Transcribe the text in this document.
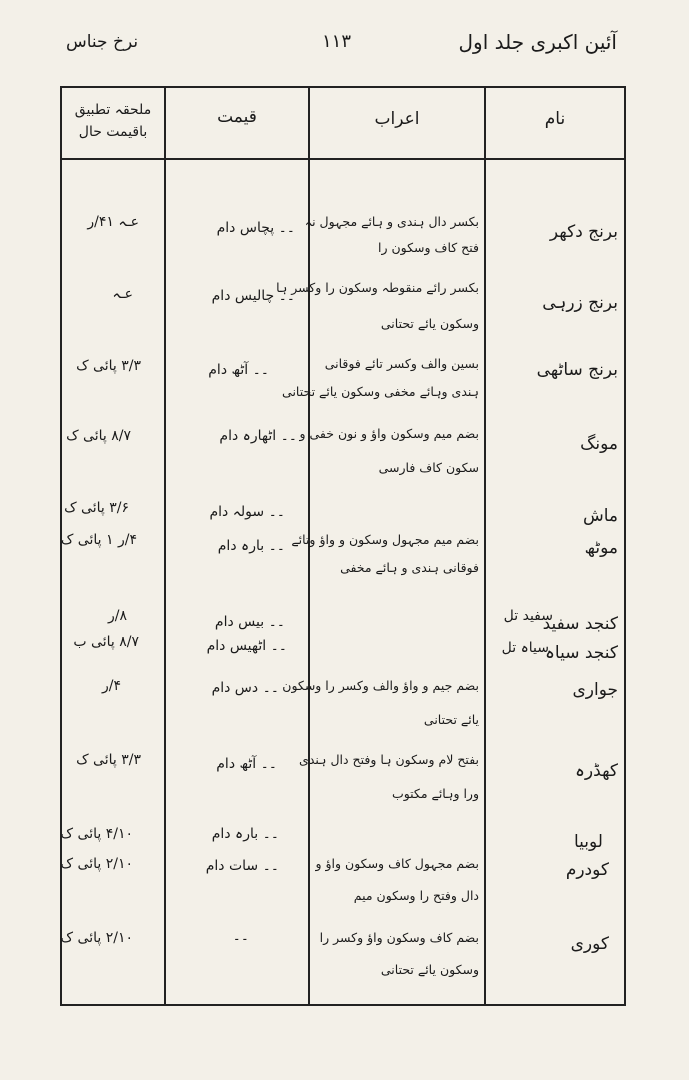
نرخ جناس	۱۱۳	آئین اکبری جلد اول
نام
اعراب
قیمت
ملحقہ تطبیق
باقیمت حال
برنج دکھر
بکسر دال ہندی و ہائے مجہول نہ
فتح کاف وسکون را
۔۔ پچاس دام
عـہ ۴۱/ر
برنج زرہی
بکسر رائے منقوطہ وسکون را وکسر ہا
وسکون یائے تحتانی
۔۔ چالیس دام
عـہ
برنج ساٹھی
بسین والف وکسر تائے فوقانی
ہندی وہائے مخفی وسکون یائے تحتانی
۔۔ آٹھ دام
۳/۳ پائی ک
مونگ
بضم میم وسکون واؤ و نون خفی و
سکون کاف فارسی
۔۔ اٹھارہ دام
۸/۷ پائی ک
ماش
۔۔ سولہ دام
۳/۶ پائی ک
موٹھ
بضم میم مجہول وسکون و واؤ وتائے
فوقانی ہندی و ہائے مخفی
۔۔ بارہ دام
۴/ر ۱ پائی ک
کنجد سفید
سفید تل
۔۔ بیس دام
۸/ر
کنجد سیاہ
سیاہ تل
۔۔ اٹھیس دام
۸/۷ پائی ب
جواری
بضم جیم و واؤ والف وکسر را وسکون
یائے تحتانی
۔۔ دس دام
۴/ر
کھڈرہ
بفتح لام وسکون ہا وفتح دال ہندی
ورا وہائے مکتوب
۔۔ آٹھ دام
۳/۳ پائی ک
لوبیا
۔۔ بارہ دام
۴/۱۰ پائی ک
کودرم
بضم مجہول کاف وسکون واؤ و
دال وفتح را وسکون میم
۔۔ سات دام
۲/۱۰ پائی ک
کوری
بضم کاف وسکون واؤ وکسر را
وسکون یائے تحتانی
۔۔
۲/۱۰ پائی ک
